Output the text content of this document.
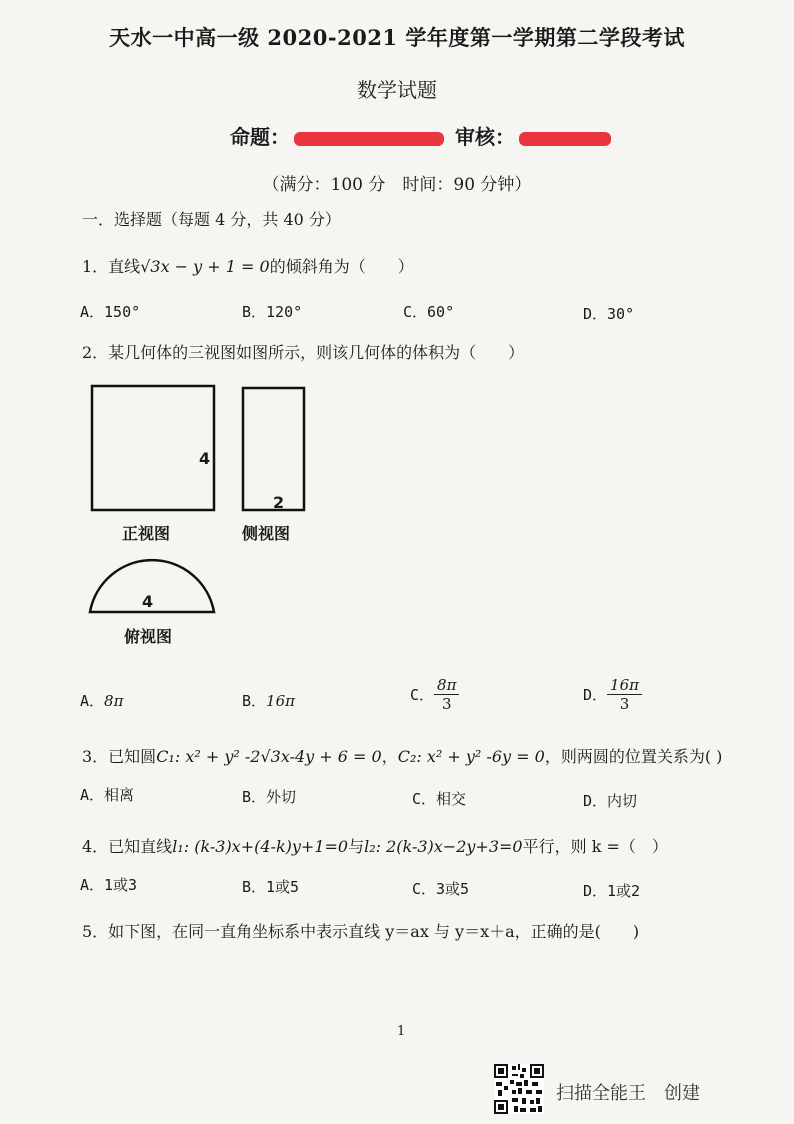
天水一中高一级 2020-2021 学年度第一学期第二学段考试
数学试题
命题：	审核：
（满分：100 分　时间：90 分钟）
一．选择题（每题 4 分，共 40 分）
1．直线√3x − y + 1 = 0的倾斜角为（　　）
A．150°	B．120°	C．60°	D．30°
2．某几何体的三视图如图所示，则该几何体的体积为（　　）
4
2
4
正视图	侧视图
俯视图
A．8π	B．16π	C． $\frac{8\pi}{3}$	D． $\frac{16\pi}{3}$
3．已知圆C₁: x² + y² -2√3x-4y + 6 = 0，C₂: x² + y² -6y = 0，则两圆的位置关系为( )
A．相离	B．外切	C．相交	D．内切
4．已知直线l₁: (k-3)x+(4-k)y+1=0与l₂: 2(k-3)x−2y+3=0平行，则 k =（　）
A．1或3	B．1或5	C．3或5	D．1或2
5．如下图，在同一直角坐标系中表示直线 y＝ax 与 y＝x＋a，正确的是(　　)
1
扫描全能王　创建
